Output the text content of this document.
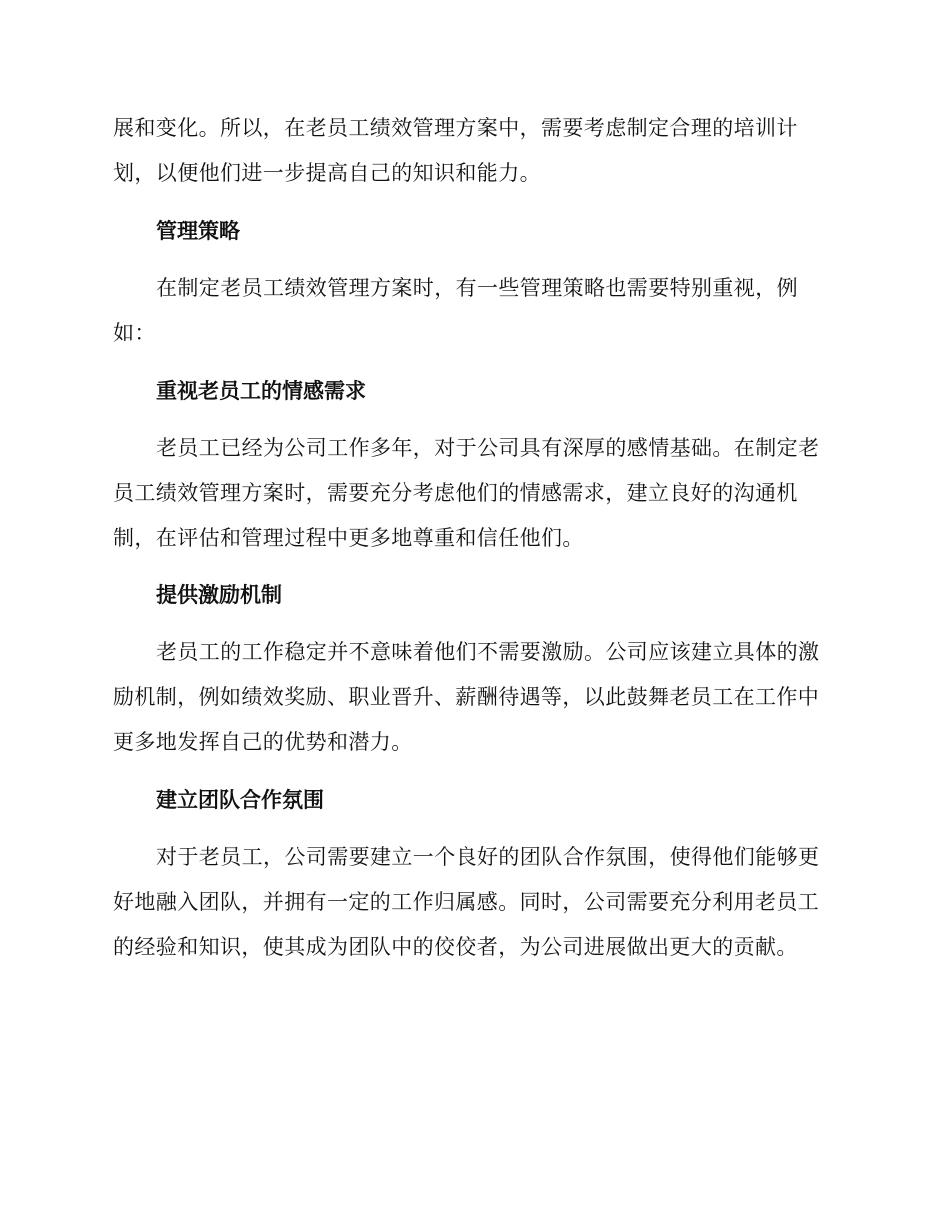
展和变化。所以，在老员工绩效管理方案中，需要考虑制定合理的培训计
划，以便他们进一步提高自己的知识和能力。

管理策略

在制定老员工绩效管理方案时，有一些管理策略也需要特别重视，例
如：

重视老员工的情感需求

老员工已经为公司工作多年，对于公司具有深厚的感情基础。在制定老
员工绩效管理方案时，需要充分考虑他们的情感需求，建立良好的沟通机
制，在评估和管理过程中更多地尊重和信任他们。

提供激励机制

老员工的工作稳定并不意味着他们不需要激励。公司应该建立具体的激
励机制，例如绩效奖励、职业晋升、薪酬待遇等，以此鼓舞老员工在工作中
更多地发挥自己的优势和潜力。

建立团队合作氛围

对于老员工，公司需要建立一个良好的团队合作氛围，使得他们能够更
好地融入团队，并拥有一定的工作归属感。同时，公司需要充分利用老员工
的经验和知识，使其成为团队中的佼佼者，为公司进展做出更大的贡献。
